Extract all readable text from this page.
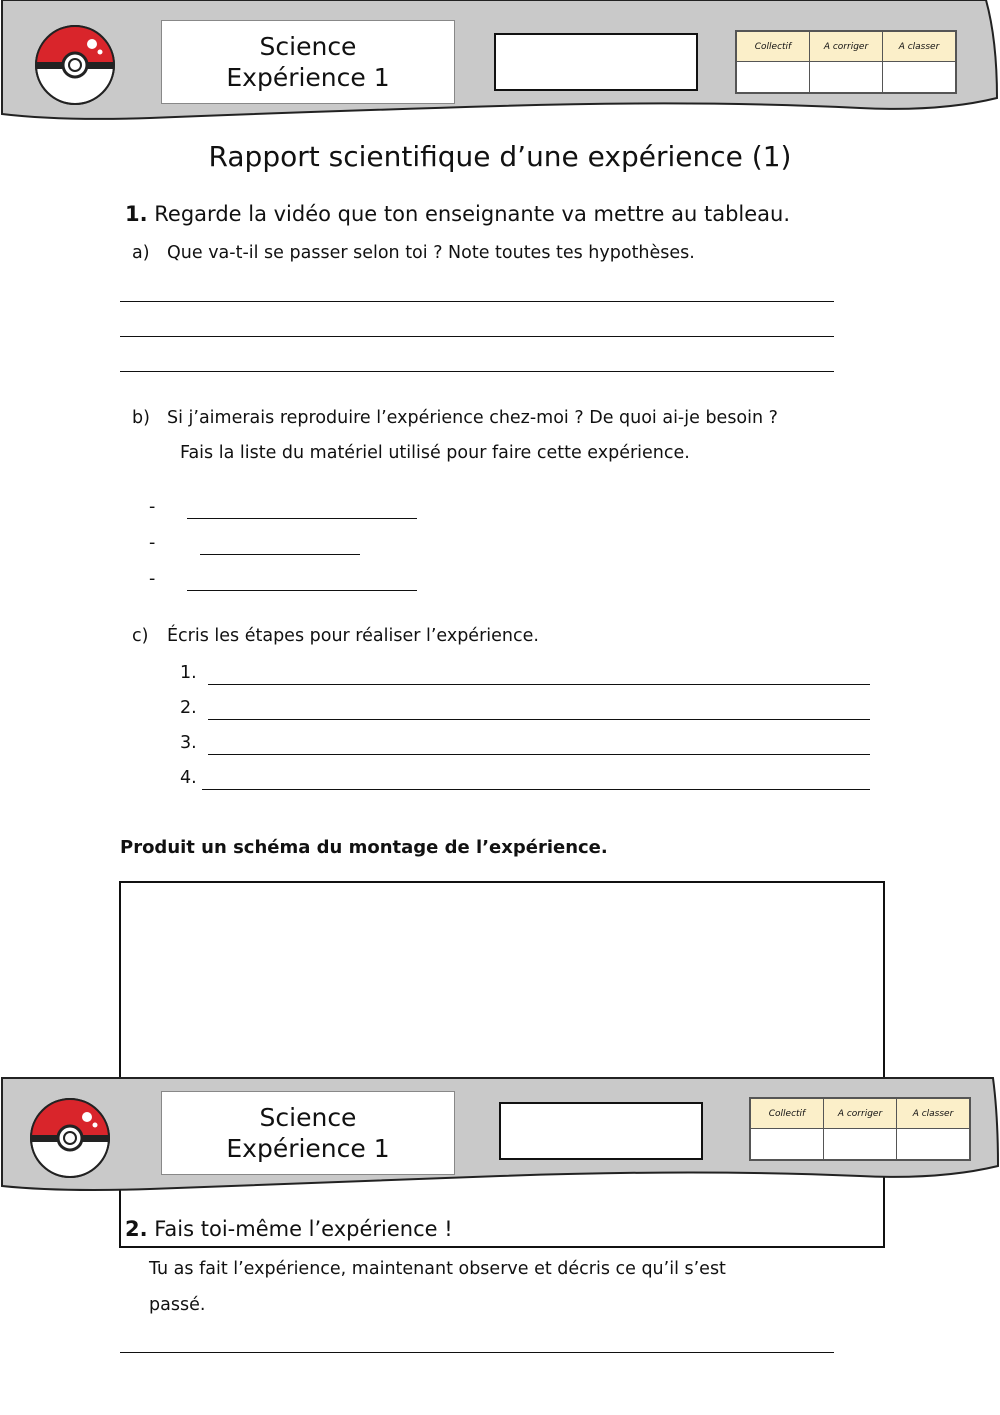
Science
Expérience 1
Collectif	A corriger	A classer

Rapport scientifique d’une expérience (1)
1. Regarde la vidéo que ton enseignante va mettre au tableau.
a) Que va-t-il se passer selon toi ? Note toutes tes hypothèses.
b) Si j’aimerais reproduire l’expérience chez-moi ? De quoi ai-je besoin ?
Fais la liste du matériel utilisé pour faire cette expérience.
-
-
-
c) Écris les étapes pour réaliser l’expérience.
1.
2.
3.
4.
Produit un schéma du montage de l’expérience.
Science
Expérience 1
Collectif	A corriger	A classer

2. Fais toi-même l’expérience !
Tu as fait l’expérience, maintenant observe et décris ce qu’il s’est
passé.
